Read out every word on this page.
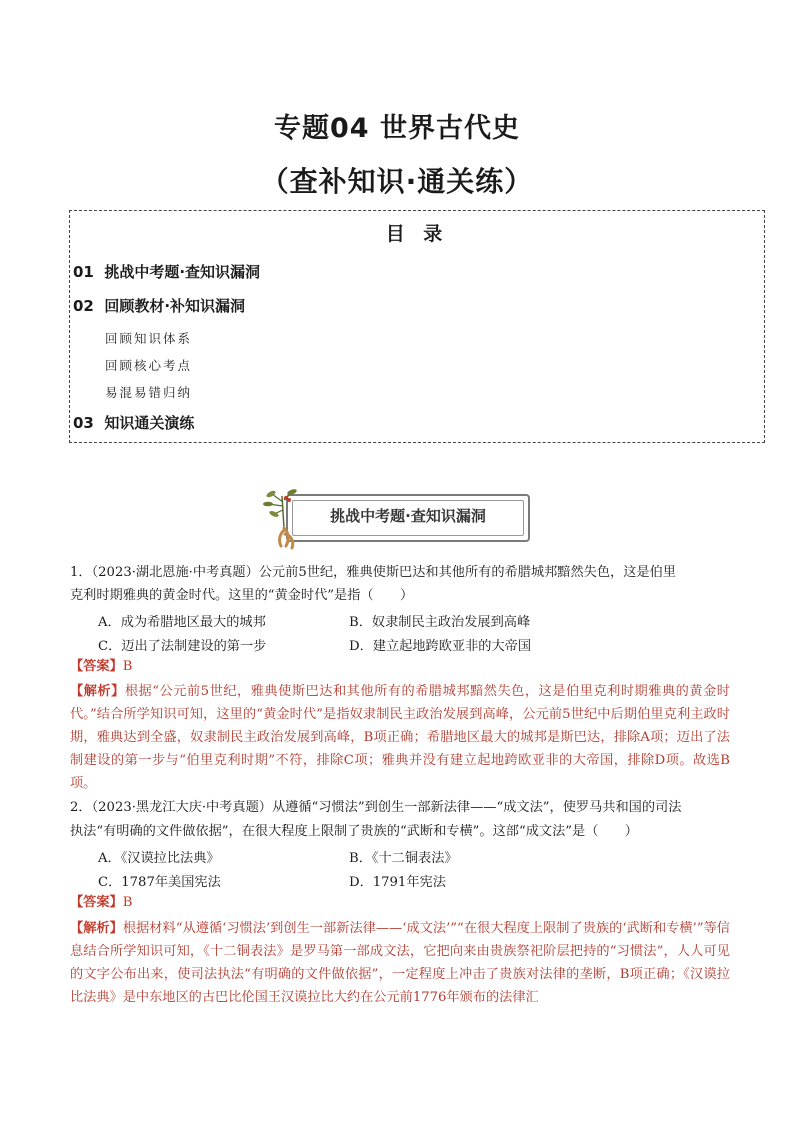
专题04 世界古代史
（查补知识·通关练）
目 录
01 挑战中考题·查知识漏洞
02 回顾教材·补知识漏洞
回顾知识体系
回顾核心考点
易混易错归纳
03 知识通关演练
挑战中考题·查知识漏洞
1．（2023·湖北恩施·中考真题）公元前5世纪，雅典使斯巴达和其他所有的希腊城邦黯然失色，这是伯里
克利时期雅典的黄金时代。这里的“黄金时代”是指（　　）
A．成为希腊地区最大的城邦	B．奴隶制民主政治发展到高峰
C．迈出了法制建设的第一步	D．建立起地跨欧亚非的大帝国
【答案】B
【解析】根据“公元前5世纪，雅典使斯巴达和其他所有的希腊城邦黯然失色，这是伯里克利时期雅典的黄金时代。”结合所学知识可知，这里的“黄金时代”是指奴隶制民主政治发展到高峰，公元前5世纪中后期伯里克利主政时期，雅典达到全盛，奴隶制民主政治发展到高峰，B项正确；希腊地区最大的城邦是斯巴达，排除A项；迈出了法制建设的第一步与“伯里克利时期”不符，排除C项；雅典并没有建立起地跨欧亚非的大帝国，排除D项。故选B项。
2．（2023·黑龙江大庆·中考真题）从遵循“习惯法”到创生一部新法律——“成文法”，使罗马共和国的司法
执法“有明确的文件做依据”，在很大程度上限制了贵族的“武断和专横”。这部“成文法”是（　　）
A．《汉谟拉比法典》	B．《十二铜表法》
C．1787年美国宪法	D．1791年宪法
【答案】B
【解析】根据材料“从遵循‘习惯法’到创生一部新法律——‘成文法’”“在很大程度上限制了贵族的‘武断和专横’”等信息结合所学知识可知，《十二铜表法》是罗马第一部成文法，它把向来由贵族祭祀阶层把持的“习惯法”，人人可见的文字公布出来，使司法执法“有明确的文件做依据”，一定程度上冲击了贵族对法律的垄断，B项正确；《汉谟拉比法典》是中东地区的古巴比伦国王汉谟拉比大约在公元前1776年颁布的法律汇
